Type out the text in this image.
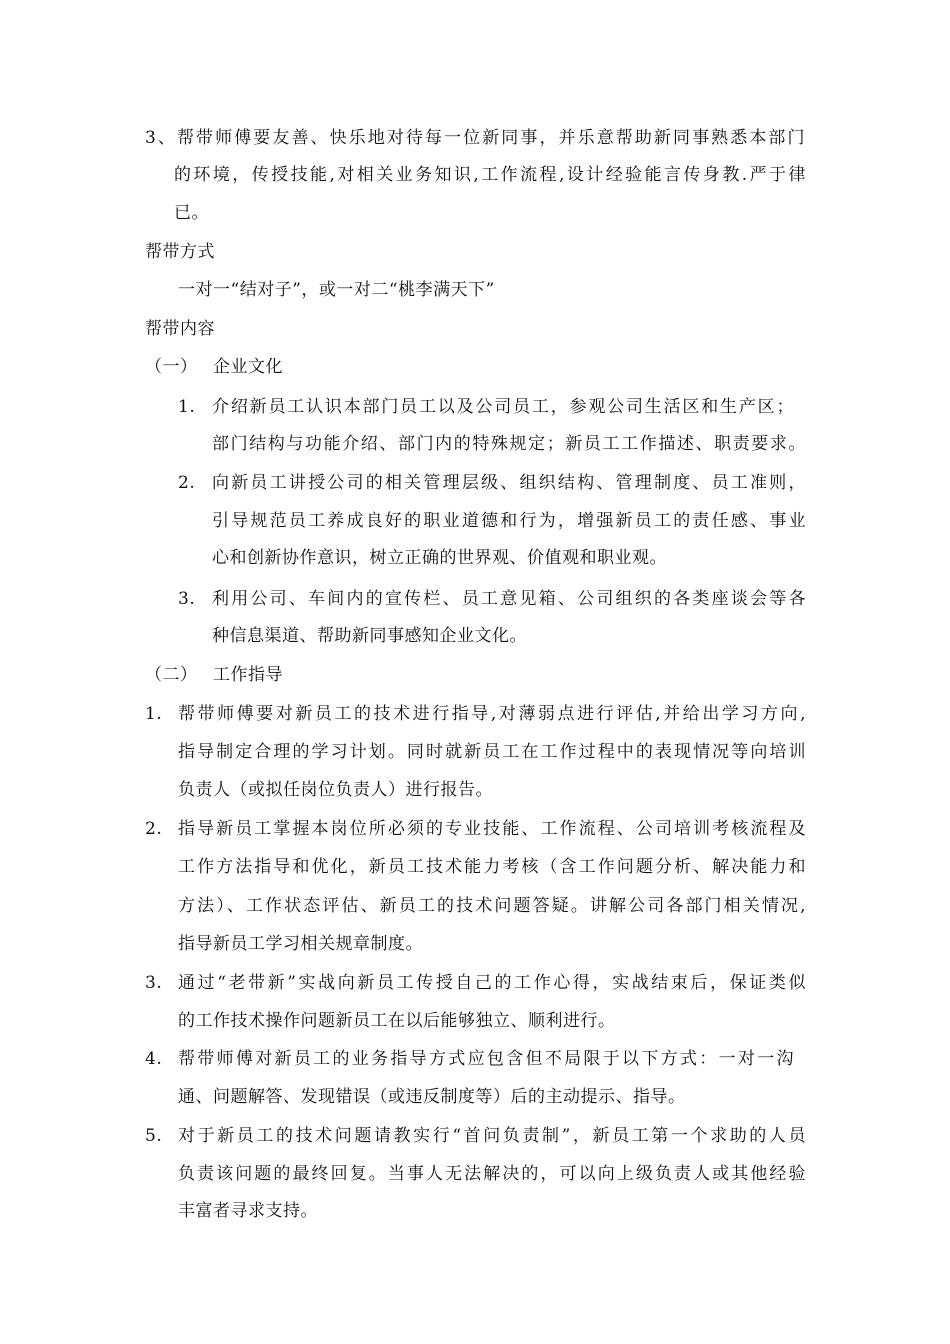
3、帮带师傅要友善、快乐地对待每一位新同事，并乐意帮助新同事熟悉本部门
的环境，传授技能,对相关业务知识,工作流程,设计经验能言传身教.严于律
已。
帮带方式
一对一“结对子”，或一对二“桃李满天下”
帮带内容
（一） 企业文化
1. 介绍新员工认识本部门员工以及公司员工，参观公司生活区和生产区；
部门结构与功能介绍、部门内的特殊规定；新员工工作描述、职责要求。
2. 向新员工讲授公司的相关管理层级、组织结构、管理制度、员工准则，
引导规范员工养成良好的职业道德和行为，增强新员工的责任感、事业
心和创新协作意识，树立正确的世界观、价值观和职业观。
3. 利用公司、车间内的宣传栏、员工意见箱、公司组织的各类座谈会等各
种信息渠道、帮助新同事感知企业文化。
（二） 工作指导
1. 帮带师傅要对新员工的技术进行指导,对薄弱点进行评估,并给出学习方向,
指导制定合理的学习计划。同时就新员工在工作过程中的表现情况等向培训
负责人（或拟任岗位负责人）进行报告。
2. 指导新员工掌握本岗位所必须的专业技能、工作流程、公司培训考核流程及
工作方法指导和优化，新员工技术能力考核（含工作问题分析、解决能力和
方法）、工作状态评估、新员工的技术问题答疑。讲解公司各部门相关情况,
指导新员工学习相关规章制度。
3. 通过“老带新”实战向新员工传授自己的工作心得，实战结束后，保证类似
的工作技术操作问题新员工在以后能够独立、顺利进行。
4. 帮带师傅对新员工的业务指导方式应包含但不局限于以下方式：一对一沟
通、问题解答、发现错误（或违反制度等）后的主动提示、指导。
5. 对于新员工的技术问题请教实行“首问负责制”，新员工第一个求助的人员
负责该问题的最终回复。当事人无法解决的，可以向上级负责人或其他经验
丰富者寻求支持。
